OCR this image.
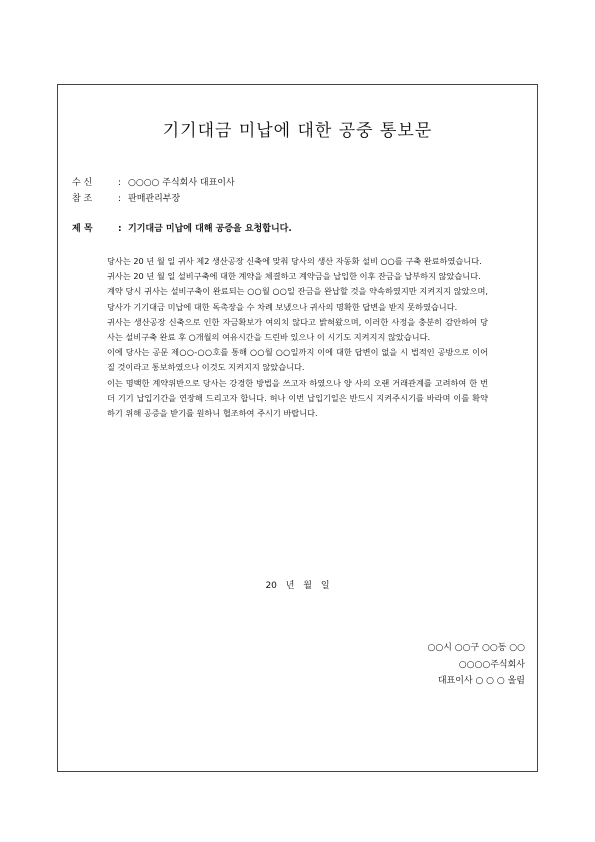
기기대금 미납에 대한 공중 통보문
수 신	: ○○○○ 주식회사 대표이사
참 조	: 판매관리부장
제 목	: 기기대금 미납에 대해 공증을 요청합니다.

당사는 20 년 월 일 귀사 제2 생산공장 신축에 맞춰 당사의 생산 자동화 설비 ○○를 구축 완료하였습니다.

귀사는 20 년 월 일 설비구축에 대한 계약을 체결하고 계약금을 납입한 이후 잔금을 납부하지 않았습니다.

계약 당시 귀사는 설비구축이 완료되는 ○○월 ○○일 잔금을 완납할 것을 약속하였지만 지켜지지 않았으며, 당사가 기기대금 미납에 대한 독촉장을 수 차례 보냈으나 귀사의 명확한 답변을 받지 못하였습니다.

귀사는 생산공장 신축으로 인한 자금확보가 여의치 않다고 밝혀왔으며, 이러한 사정을 충분히 감안하여 당사는 설비구축 완료 후 ○개월의 여유시간을 드린바 있으나 이 시기도 지켜지지 않았습니다.

이에 당사는 공문 제○○-○○호를 통해 ○○월 ○○일까지 이에 대한 답변이 없을 시 법적인 공방으로 이어질 것이라고 통보하였으나 이것도 지켜지지 않았습니다.

이는 명백한 계약위반으로 당사는 강경한 방법을 쓰고자 하였으나 양 사의 오랜 거래관계를 고려하여 한 번 더 기기 납입기간을 연장해 드리고자 합니다. 허나 이번 납입기일은 반드시 지켜주시기를 바라며 이를 확약하기 위해 공증을 받기를 원하니 협조하여 주시기 바랍니다.

20 년 월 일
○○시 ○○구 ○○동 ○○
○○○○주식회사
대표이사 ○ ○ ○ 올림
